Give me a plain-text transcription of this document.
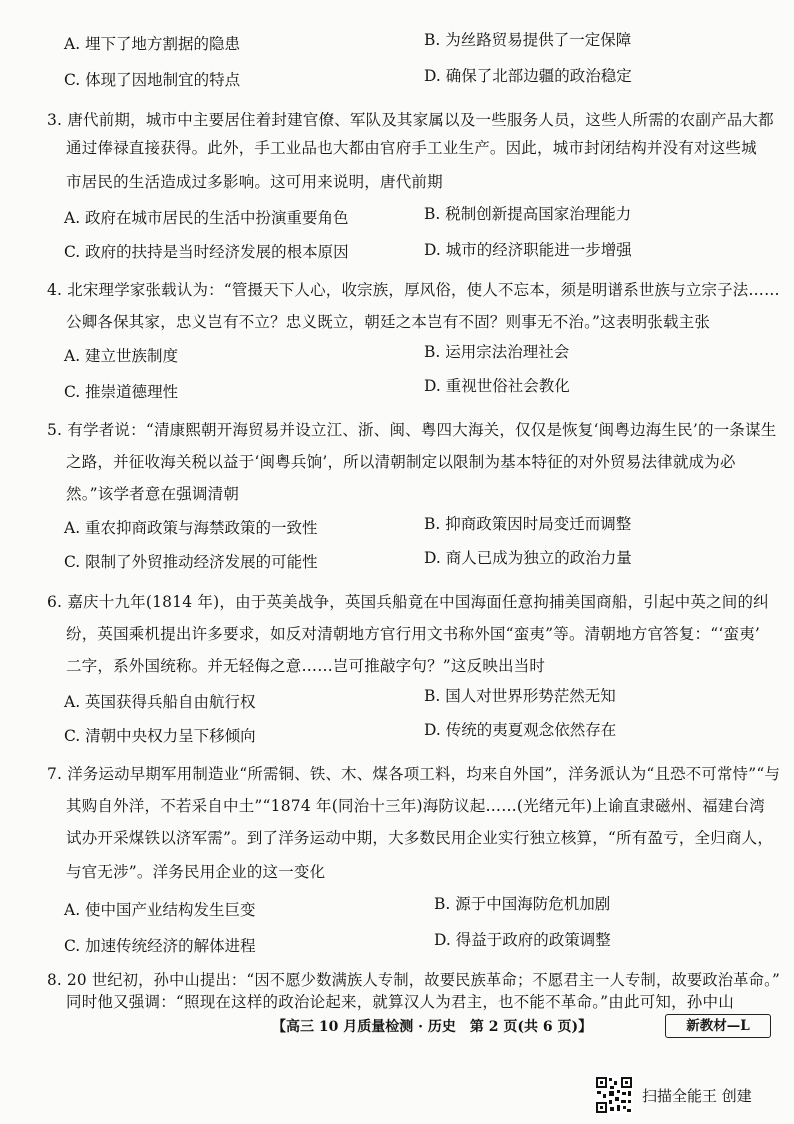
A. 埋下了地方割据的隐患	B. 为丝路贸易提供了一定保障
C. 体现了因地制宜的特点	D. 确保了北部边疆的政治稳定
3. 唐代前期，城市中主要居住着封建官僚、军队及其家属以及一些服务人员，这些人所需的农副产品大都
通过俸禄直接获得。此外，手工业品也大都由官府手工业生产。因此，城市封闭结构并没有对这些城
市居民的生活造成过多影响。这可用来说明，唐代前期
A. 政府在城市居民的生活中扮演重要角色	B. 税制创新提高国家治理能力
C. 政府的扶持是当时经济发展的根本原因	D. 城市的经济职能进一步增强
4. 北宋理学家张载认为：“管摄天下人心，收宗族，厚风俗，使人不忘本，须是明谱系世族与立宗子法……
公卿各保其家，忠义岂有不立？忠义既立，朝廷之本岂有不固？则事无不治。”这表明张载主张
A. 建立世族制度	B. 运用宗法治理社会
C. 推崇道德理性	D. 重视世俗社会教化
5. 有学者说：“清康熙朝开海贸易并设立江、浙、闽、粤四大海关，仅仅是恢复‘闽粤边海生民’的一条谋生
之路，并征收海关税以益于‘闽粤兵饷’，所以清朝制定以限制为基本特征的对外贸易法律就成为必
然。”该学者意在强调清朝
A. 重农抑商政策与海禁政策的一致性	B. 抑商政策因时局变迁而调整
C. 限制了外贸推动经济发展的可能性	D. 商人已成为独立的政治力量
6. 嘉庆十九年(1814 年)，由于英美战争，英国兵船竟在中国海面任意拘捕美国商船，引起中英之间的纠
纷，英国乘机提出许多要求，如反对清朝地方官行用文书称外国“蛮夷”等。清朝地方官答复：“‘蛮夷’
二字，系外国统称。并无轻侮之意……岂可推敲字句？”这反映出当时
A. 英国获得兵船自由航行权	B. 国人对世界形势茫然无知
C. 清朝中央权力呈下移倾向	D. 传统的夷夏观念依然存在
7. 洋务运动早期军用制造业“所需铜、铁、木、煤各项工料，均来自外国”，洋务派认为“且恐不可常恃”“与
其购自外洋，不若采自中土”“1874 年(同治十三年)海防议起……(光绪元年)上谕直隶磁州、福建台湾
试办开采煤铁以济军需”。到了洋务运动中期，大多数民用企业实行独立核算，“所有盈亏，全归商人，
与官无涉”。洋务民用企业的这一变化
A. 使中国产业结构发生巨变	B. 源于中国海防危机加剧
C. 加速传统经济的解体进程	D. 得益于政府的政策调整
8. 20 世纪初，孙中山提出：“因不愿少数满族人专制，故要民族革命；不愿君主一人专制，故要政治革命。”
同时他又强调：“照现在这样的政治论起来，就算汉人为君主，也不能不革命。”由此可知，孙中山
【高三 10 月质量检测 · 历史　第 2 页(共 6 页)】	新教材—L
扫描全能王 创建
